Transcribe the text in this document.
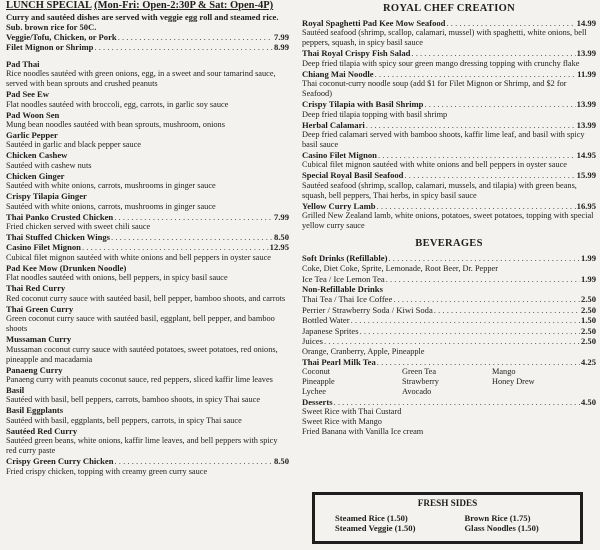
LUNCH SPECIAL (Mon-Fri: Open-2:30P & Sat: Open-4P)
Curry and sautéed dishes are served with veggie egg roll and steamed rice. Sub. brown rice for 50C.
Veggie/Tofu, Chicken, or Pork . . .	7.99
Filet Mignon or Shrimp . . .	8.99
Pad Thai
Rice noodles sautéed with green onions, egg, in a sweet and sour tamarind sauce, served with bean sprouts and crushed peanuts
Pad See Ew
Flat noodles sautéed with broccoli, egg, carrots, in garlic soy sauce
Pad Woon Sen
Mung bean noodles sautéed with bean sprouts, mushroom, onions
Garlic Pepper
Sautéed in garlic and black pepper sauce
Chicken Cashew
Sautéed with cashew nuts
Chicken Ginger
Sautéed with white onions, carrots, mushrooms in ginger sauce
Crispy Tilapia Ginger
Sautéed with white onions, carrots, mushrooms in ginger sauce
Thai Panko Crusted Chicken . . .	7.99
Fried chicken served with sweet chili sauce
Thai Stuffed Chicken Wings . . .	8.50
Casino Filet Mignon . . .	12.95
Cubical filet mignon sautéed with white onions and bell peppers in oyster sauce
Pad Kee Mow (Drunken Noodle)
Flat noodles sautéed with onions, bell peppers, in spicy basil sauce
Thai Red Curry
Red coconut curry sauce with sautéed basil, bell pepper, bamboo shoots, and carrots
Thai Green Curry
Green coconut curry sauce with sautéed basil, eggplant, bell pepper, and bamboo shoots
Mussaman Curry
Mussaman coconut curry sauce with sautéed potatoes, sweet potatoes, red onions, pineapple and macadamia
Panaeng Curry
Panaeng curry with peanuts coconut sauce, red peppers, sliced kaffir lime leaves
Basil
Sautéed with basil, bell peppers, carrots, bamboo shoots, in spicy Thai sauce
Basil Eggplants
Sautéed with basil, eggplants, bell peppers, carrots, in spicy Thai sauce
Sautéed Red Curry
Sautéed green beans, white onions, kaffir lime leaves, and bell peppers with spicy red curry paste
Crispy Green Curry Chicken . . .	8.50
Fried crispy chicken, topping with creamy green curry sauce
ROYAL CHEF CREATION
Royal Spaghetti Pad Kee Mow Seafood . . .	14.99
Sautéed seafood (shrimp, scallop, calamari, mussel) with spaghetti, white onions, bell peppers, squash, in spicy basil sauce
Thai Royal Crispy Fish Salad . . .	13.99
Deep fried tilapia with spicy sour green mango dressing topping with crunchy flake
Chiang Mai Noodle . . .	11.99
Thai coconut-curry noodle soup (add $1 for Filet Mignon or Shrimp, and $2 for Seafood)
Crispy Tilapia with Basil Shrimp . . .	13.99
Deep fried tilapia topping with basil shrimp
Herbal Calamari . . .	13.99
Deep fried calamari served with bamboo shoots, kaffir lime leaf, and basil with spicy basil sauce
Casino Filet Mignon . . .	14.95
Cubical filet mignon sautéed with white onions and bell peppers in oyster sauce
Special Royal Basil Seafood . . .	15.99
Sautéed seafood (shrimp, scallop, calamari, mussels, and tilapia) with green beans, squash, bell peppers, Thai herbs, in spicy basil sauce
Yellow Curry Lamb . . .	16.95
Grilled New Zealand lamb, white onions, potatoes, sweet potatoes, topping with special yellow curry sauce
BEVERAGES
Soft Drinks (Refillable) . . .	1.99
Coke, Diet Coke, Sprite, Lemonade, Root Beer, Dr. Pepper
Ice Tea / Ice Lemon Tea . . .	1.99
Non-Refillable Drinks
Thai Tea / Thai Ice Coffee . . .	2.50
Perrier / Strawberry Soda / Kiwi Soda . . .	2.50
Bottled Water . . .	1.50
Japanese Sprites . . .	2.50
Juices . . .	2.50
Orange, Cranberry, Apple, Pineapple
Thai Pearl Milk Tea . . .	4.25
Coconut	Green Tea	Mango
Pineapple	Strawberry	Honey Drew
Lychee	Avocado
Desserts . . .	4.50
Sweet Rice with Thai Custard
Sweet Rice with Mango
Fried Banana with Vanilla Ice cream
FRESH SIDES
Steamed Rice (1.50)	Brown Rice (1.75)
Steamed Veggie (1.50)	Glass Noodles (1.50)
